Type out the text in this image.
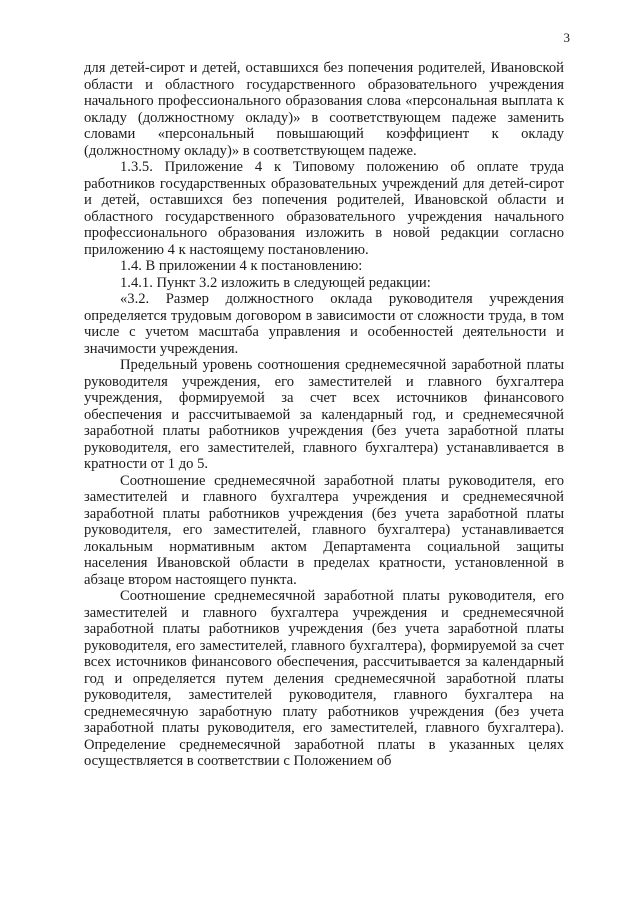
3

для детей-сирот и детей, оставшихся без попечения родителей, Ивановской области и областного государственного образовательного учреждения начального профессионального образования слова «персональная выплата к окладу (должностному окладу)» в соответствующем падеже заменить словами «персональный повышающий коэффициент к окладу (должностному окладу)» в соответствующем падеже.

1.3.5. Приложение 4 к Типовому положению об оплате труда работников государственных образовательных учреждений для детей-сирот и детей, оставшихся без попечения родителей, Ивановской области и областного государственного образовательного учреждения начального профессионального образования изложить в новой редакции согласно приложению 4 к настоящему постановлению.

1.4. В приложении 4 к постановлению:

1.4.1. Пункт 3.2 изложить в следующей редакции:

«3.2. Размер должностного оклада руководителя учреждения определяется трудовым договором в зависимости от сложности труда, в том числе с учетом масштаба управления и особенностей деятельности и значимости учреждения.

Предельный уровень соотношения среднемесячной заработной платы руководителя учреждения, его заместителей и главного бухгалтера учреждения, формируемой за счет всех источников финансового обеспечения и рассчитываемой за календарный год, и среднемесячной заработной платы работников учреждения (без учета заработной платы руководителя, его заместителей, главного бухгалтера) устанавливается в кратности от 1 до 5.

Соотношение среднемесячной заработной платы руководителя, его заместителей и главного бухгалтера учреждения и среднемесячной заработной платы работников учреждения (без учета заработной платы руководителя, его заместителей, главного бухгалтера) устанавливается локальным нормативным актом Департамента социальной защиты населения Ивановской области в пределах кратности, установленной в абзаце втором настоящего пункта.

Соотношение среднемесячной заработной платы руководителя, его заместителей и главного бухгалтера учреждения и среднемесячной заработной платы работников учреждения (без учета заработной платы руководителя, его заместителей, главного бухгалтера), формируемой за счет всех источников финансового обеспечения, рассчитывается за календарный год и определяется путем деления среднемесячной заработной платы руководителя, заместителей руководителя, главного бухгалтера на среднемесячную заработную плату работников учреждения (без учета заработной платы руководителя, его заместителей, главного бухгалтера). Определение среднемесячной заработной платы в указанных целях осуществляется в соответствии с Положением об
